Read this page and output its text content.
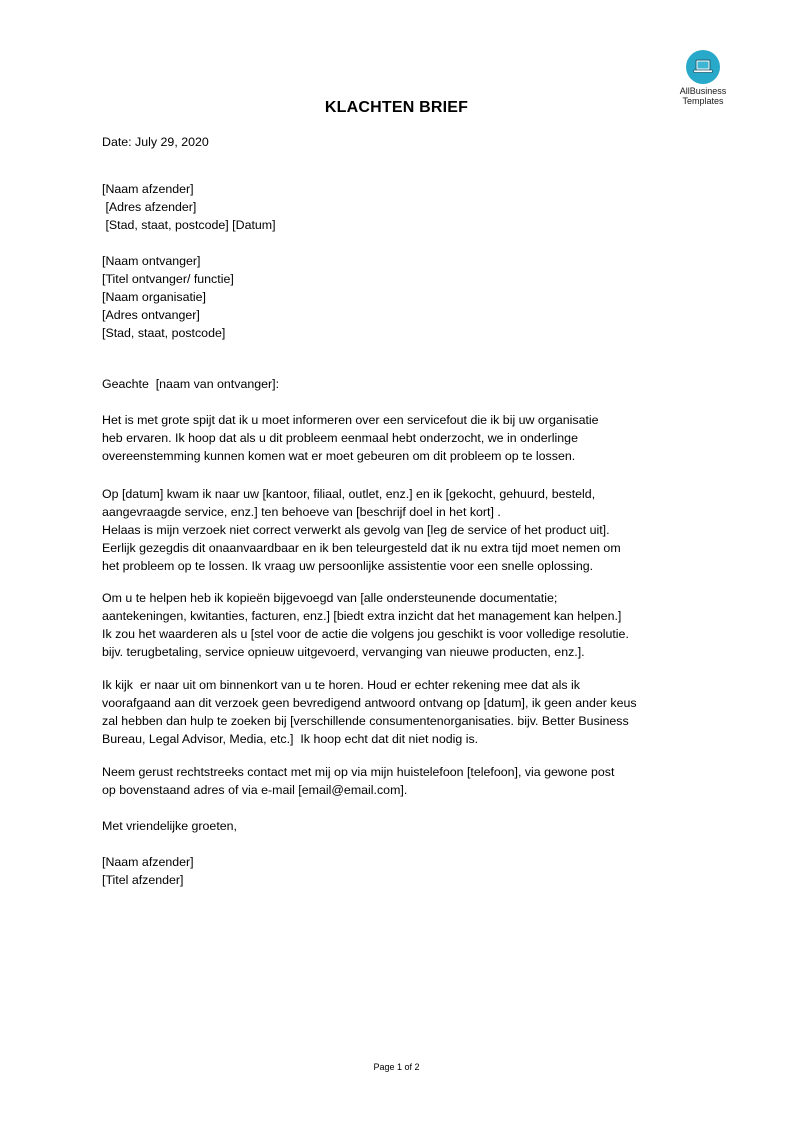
AllBusiness
Templates
KLACHTEN BRIEF
Date: July 29, 2020
[Naam afzender]
[Adres afzender]
[Stad, staat, postcode] [Datum]
[Naam ontvanger]
[Titel ontvanger/ functie]
[Naam organisatie]
[Adres ontvanger]
[Stad, staat, postcode]
Geachte  [naam van ontvanger]:
Het is met grote spijt dat ik u moet informeren over een servicefout die ik bij uw organisatie
heb ervaren. Ik hoop dat als u dit probleem eenmaal hebt onderzocht, we in onderlinge
overeenstemming kunnen komen wat er moet gebeuren om dit probleem op te lossen.
Op [datum] kwam ik naar uw [kantoor, filiaal, outlet, enz.] en ik [gekocht, gehuurd, besteld,
aangevraagde service, enz.] ten behoeve van [beschrijf doel in het kort] .
Helaas is mijn verzoek niet correct verwerkt als gevolg van [leg de service of het product uit].
Eerlijk gezegdis dit onaanvaardbaar en ik ben teleurgesteld dat ik nu extra tijd moet nemen om
het probleem op te lossen. Ik vraag uw persoonlijke assistentie voor een snelle oplossing.
Om u te helpen heb ik kopieën bijgevoegd van [alle ondersteunende documentatie;
aantekeningen, kwitanties, facturen, enz.] [biedt extra inzicht dat het management kan helpen.]
Ik zou het waarderen als u [stel voor de actie die volgens jou geschikt is voor volledige resolutie.
bijv. terugbetaling, service opnieuw uitgevoerd, vervanging van nieuwe producten, enz.].
Ik kijk  er naar uit om binnenkort van u te horen. Houd er echter rekening mee dat als ik
voorafgaand aan dit verzoek geen bevredigend antwoord ontvang op [datum], ik geen ander keus
zal hebben dan hulp te zoeken bij [verschillende consumentenorganisaties. bijv. Better Business
Bureau, Legal Advisor, Media, etc.]  Ik hoop echt dat dit niet nodig is.
Neem gerust rechtstreeks contact met mij op via mijn huistelefoon [telefoon], via gewone post
op bovenstaand adres of via e-mail [email@email.com].
Met vriendelijke groeten,
[Naam afzender]
[Titel afzender]
Page 1 of 2
